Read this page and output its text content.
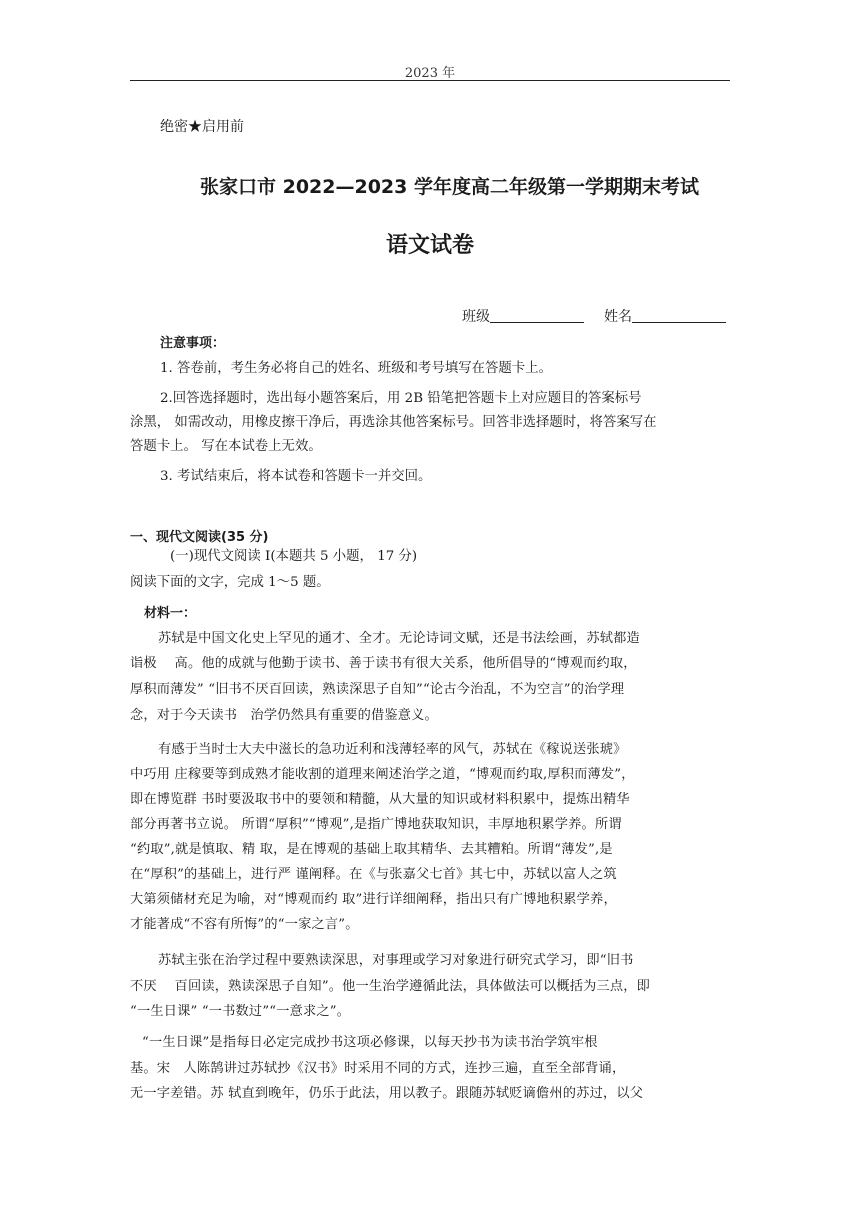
2023 年
绝密★启用前
张家口市 2022—2023 学年度高二年级第一学期期末考试
语文试卷
班级	姓名
注意事项：
1. 答卷前，考生务必将自己的姓名、班级和考号填写在答题卡上。
2.回答选择题时，选出每小题答案后，用 2B 铅笔把答题卡上对应题目的答案标号
涂黑， 如需改动，用橡皮擦干净后，再选涂其他答案标号。回答非选择题时，将答案写在
答题卡上。 写在本试卷上无效。
3. 考试结束后，将本试卷和答题卡一并交回。
一、现代文阅读(35 分)
(一)现代文阅读 I(本题共 5 小题， 17 分)
阅读下面的文字，完成 1～5 题。
材料一：
苏轼是中国文化史上罕见的通才、全才。无论诗词文赋，还是书法绘画，苏轼都造
诣极　 高。他的成就与他勤于读书、善于读书有很大关系，他所倡导的“博观而约取，
厚积而薄发” “旧书不厌百回读，熟读深思子自知”“论古今治乱，不为空言”的治学理
念，对于今天读书　治学仍然具有重要的借鉴意义。
有感于当时士大夫中滋长的急功近利和浅薄轻率的风气，苏轼在《稼说送张琥》
中巧用 庄稼要等到成熟才能收割的道理来阐述治学之道，“博观而约取,厚积而薄发”，
即在博览群 书时要汲取书中的要领和精髓，从大量的知识或材料积累中，提炼出精华
部分再著书立说。 所谓“厚积”“博观”,是指广博地获取知识，丰厚地积累学养。所谓
“约取”,就是慎取、精 取，是在博观的基础上取其精华、去其糟粕。所谓“薄发”,是
在“厚积”的基础上，进行严 谨阐释。在《与张嘉父七首》其七中，苏轼以富人之筑
大第须储材充足为喻，对“博观而约 取”进行详细阐释，指出只有广博地积累学养，
才能著成“不容有所悔”的“一家之言”。
苏轼主张在治学过程中要熟读深思，对事理或学习对象进行研究式学习，即“旧书
不厌　 百回读，熟读深思子自知”。他一生治学遵循此法，具体做法可以概括为三点，即
“一生日课” “一书数过”“一意求之”。
“一生日课”是指每日必定完成抄书这项必修课，以每天抄书为读书治学筑牢根
基。宋　人陈鹄讲过苏轼抄《汉书》时采用不同的方式，连抄三遍，直至全部背诵，
无一字差错。苏 轼直到晚年，仍乐于此法，用以教子。跟随苏轼贬谪儋州的苏过，以父
